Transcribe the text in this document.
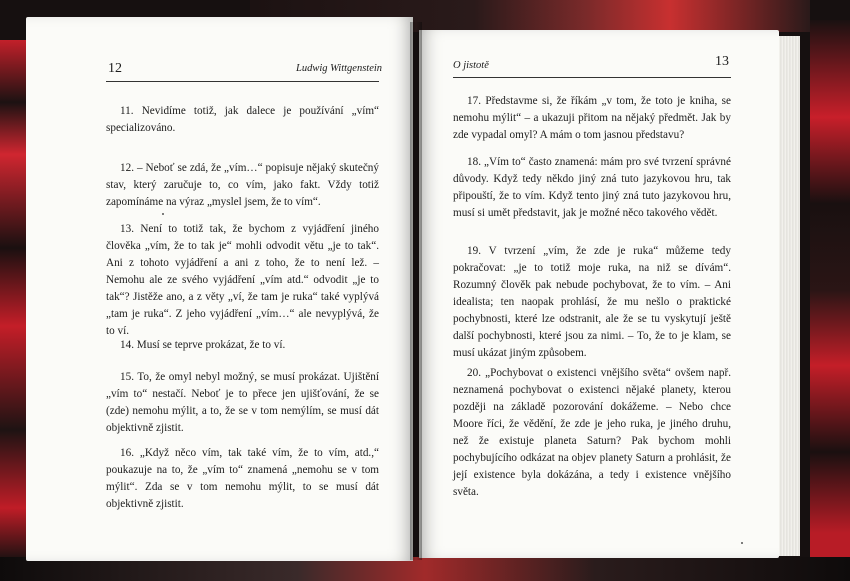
12	Ludwig Wittgenstein
11. Nevidíme totiž, jak dalece je používání „vím“ specializováno.
12. – Neboť se zdá, že „vím…“ popisuje nějaký skutečný stav, který zaručuje to, co vím, jako fakt. Vždy totiž zapomínáme na výraz „myslel jsem, že to vím“.
13. Není to totiž tak, že bychom z vyjádření jiného člověka „vím, že to tak je“ mohli odvodit větu „je to tak“. Ani z tohoto vyjádření a ani z toho, že to není lež. – Nemohu ale ze svého vyjádření „vím atd.“ odvodit „je to tak“? Jistěže ano, a z věty „ví, že tam je ruka“ také vyplývá „tam je ruka“. Z jeho vyjádření „vím…“ ale nevyplývá, že to ví.
14. Musí se teprve prokázat, že to ví.
15. To, že omyl nebyl možný, se musí prokázat. Ujištění „vím to“ nestačí. Neboť je to přece jen ujišťování, že se (zde) nemohu mýlit, a to, že se v tom nemýlím, se musí dát objektivně zjistit.
16. „Když něco vím, tak také vím, že to vím, atd.,“ poukazuje na to, že „vím to“ znamená „nemohu se v tom mýlit“. Zda se v tom nemohu mýlit, to se musí dát objektivně zjistit.
O jistotě	13
17. Představme si, že říkám „v tom, že toto je kniha, se nemohu mýlit“ – a ukazuji přitom na nějaký předmět. Jak by zde vypadal omyl? A mám o tom jasnou představu?
18. „Vím to“ často znamená: mám pro své tvrzení správné důvody. Když tedy někdo jiný zná tuto jazykovou hru, tak připouští, že to vím. Když tento jiný zná tuto jazykovou hru, musí si umět představit, jak je možné něco takového vědět.
19. V tvrzení „vím, že zde je ruka“ můžeme tedy pokračovat: „je to totiž moje ruka, na niž se dívám“. Rozumný člověk pak nebude pochybovat, že to vím. – Ani idealista; ten naopak prohlásí, že mu nešlo o praktické pochybnosti, které lze odstranit, ale že se tu vyskytují ještě další pochybnosti, které jsou za nimi. – To, že to je klam, se musí ukázat jiným způsobem.
20. „Pochybovat o existenci vnějšího světa“ ovšem např. neznamená pochybovat o existenci nějaké planety, kterou později na základě pozorování dokážeme. – Nebo chce Moore říci, že vědění, že zde je jeho ruka, je jiného druhu, než že existuje planeta Saturn? Pak bychom mohli pochybujícího odkázat na objev planety Saturn a prohlásit, že její existence byla dokázána, a tedy i existence vnějšího světa.
